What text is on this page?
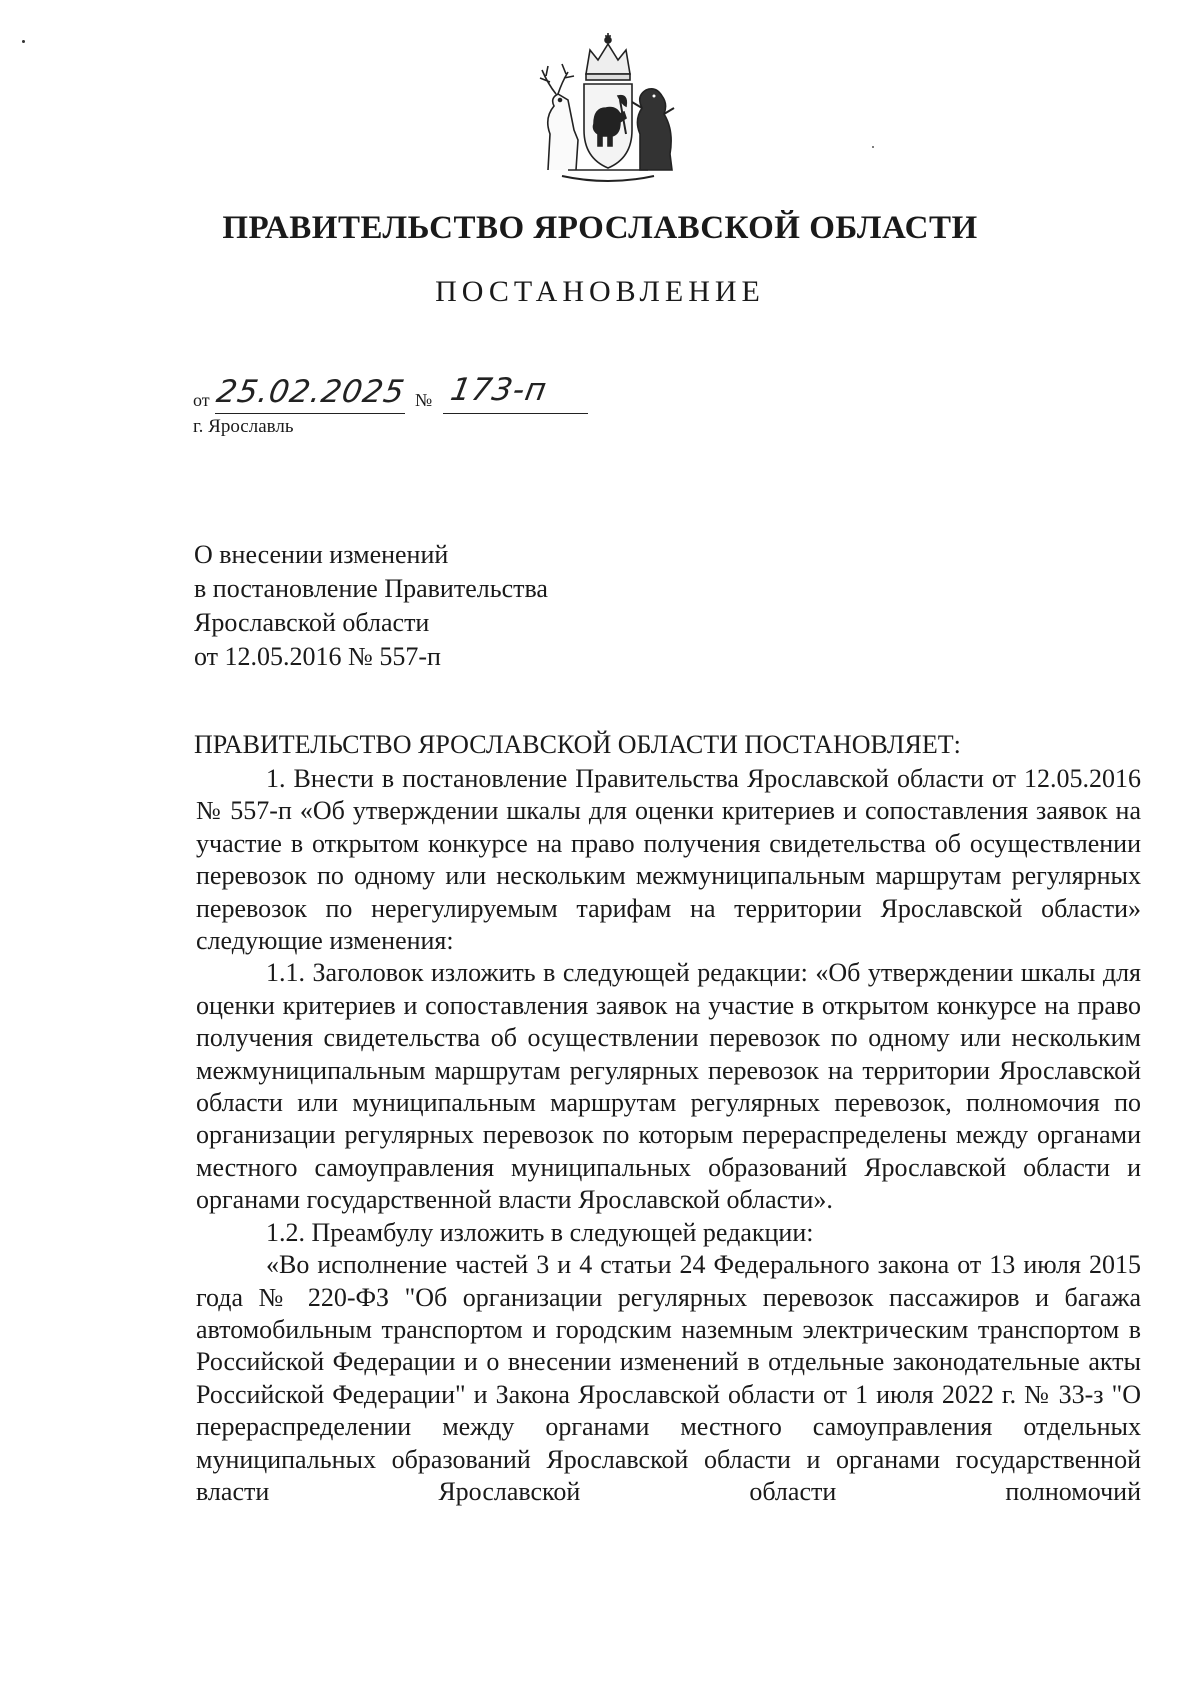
ПРАВИТЕЛЬСТВО ЯРОСЛАВСКОЙ ОБЛАСТИ
ПОСТАНОВЛЕНИЕ
от 25.02.2025 № 173-п
г. Ярославль
О внесении изменений
в постановление Правительства
Ярославской области
от 12.05.2016 № 557-п
ПРАВИТЕЛЬСТВО ЯРОСЛАВСКОЙ ОБЛАСТИ ПОСТАНОВЛЯЕТ:

1. Внести в постановление Правительства Ярославской области от 12.05.2016 № 557-п «Об утверждении шкалы для оценки критериев и сопоставления заявок на участие в открытом конкурсе на право получения свидетельства об осуществлении перевозок по одному или нескольким межмуниципальным маршрутам регулярных перевозок по нерегулируемым тарифам на территории Ярославской области» следующие изменения:

1.1. Заголовок изложить в следующей редакции: «Об утверждении шкалы для оценки критериев и сопоставления заявок на участие в открытом конкурсе на право получения свидетельства об осуществлении перевозок по одному или нескольким межмуниципальным маршрутам регулярных перевозок на территории Ярославской области или муниципальным маршрутам регулярных перевозок, полномочия по организации регулярных перевозок по которым перераспределены между органами местного самоуправления муниципальных образований Ярославской области и органами государственной власти Ярославской области».

1.2. Преамбулу изложить в следующей редакции:

«Во исполнение частей 3 и 4 статьи 24 Федерального закона от 13 июля 2015 года № 220-ФЗ "Об организации регулярных перевозок пассажиров и багажа автомобильным транспортом и городским наземным электрическим транспортом в Российской Федерации и о внесении изменений в отдельные законодательные акты Российской Федерации" и Закона Ярославской области от 1 июля 2022 г. № 33-з "О перераспределении между органами местного самоуправления отдельных муниципальных образований Ярославской области и органами государственной власти Ярославской области полномочий
